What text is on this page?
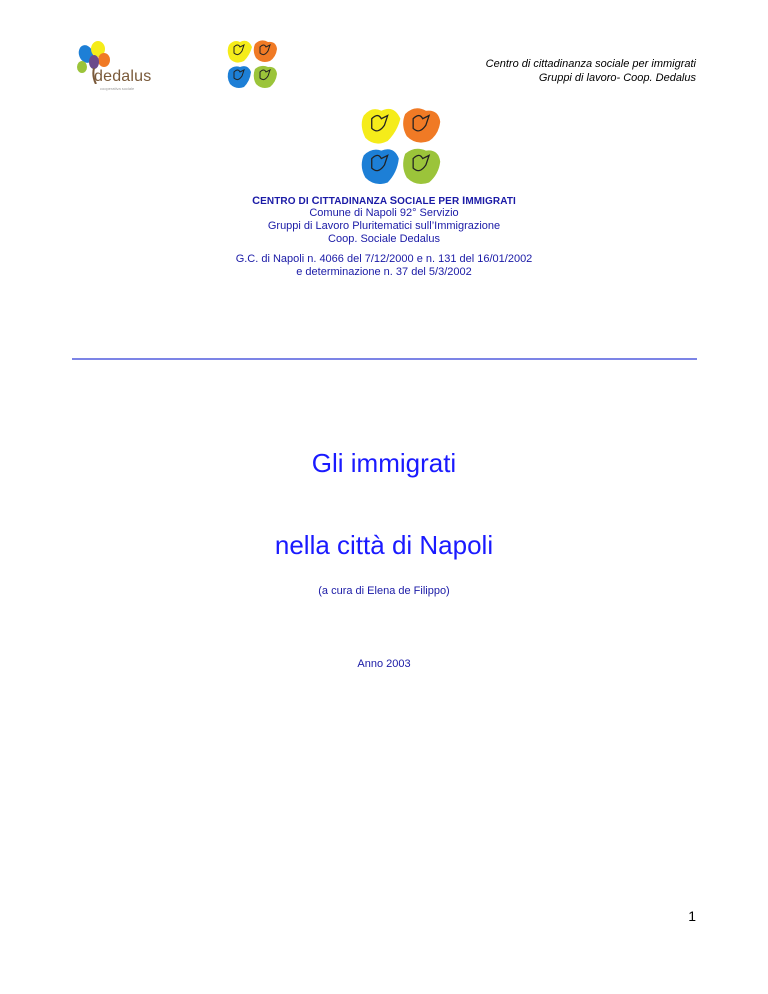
Centro di cittadinanza sociale per immigrati
Gruppi di lavoro- Coop. Dedalus
dedalus
cooperativa sociale
CENTRO DI CITTADINANZA SOCIALE PER IMMIGRATI
Comune di Napoli 92° Servizio
Gruppi di Lavoro Pluritematici sull’Immigrazione
Coop. Sociale Dedalus
G.C. di Napoli n. 4066 del 7/12/2000 e n. 131 del 16/01/2002
e determinazione n. 37 del 5/3/2002
Gli immigrati
nella città di Napoli
(a cura di Elena de Filippo)
Anno 2003
1
